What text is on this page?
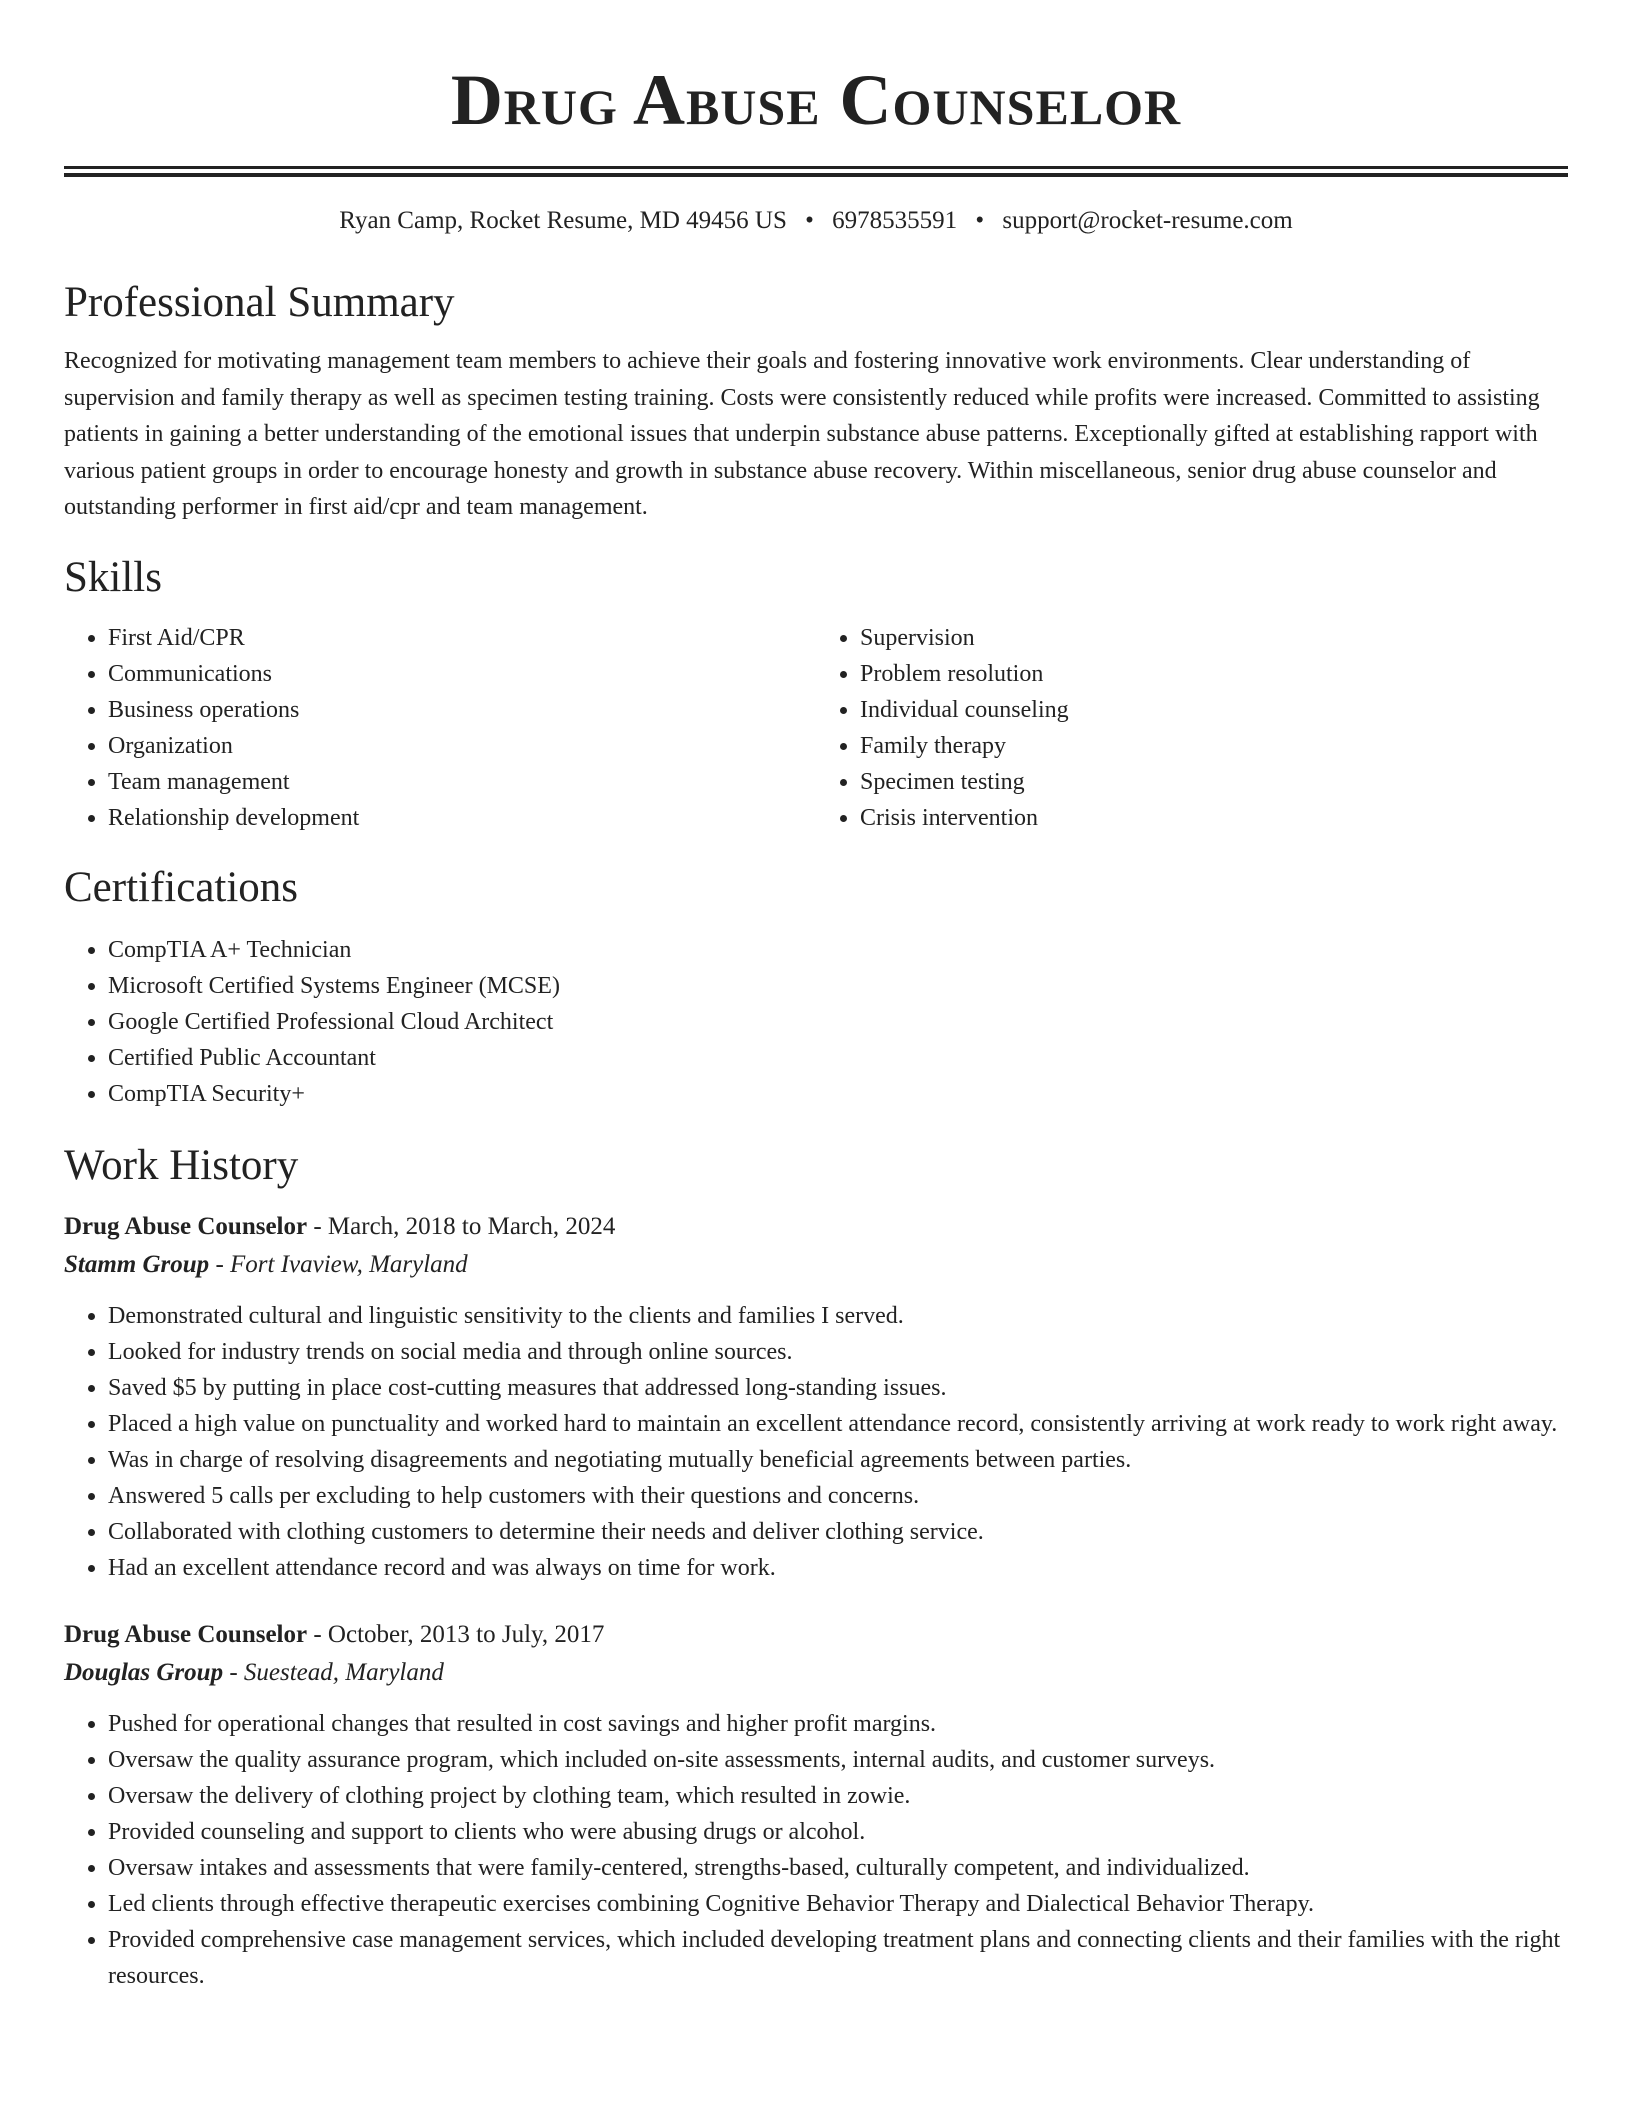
Drug Abuse Counselor
Ryan Camp, Rocket Resume, MD 49456 US • 6978535591 • support@rocket-resume.com
Professional Summary

Recognized for motivating management team members to achieve their goals and fostering innovative work environments. Clear understanding of supervision and family therapy as well as specimen testing training. Costs were consistently reduced while profits were increased. Committed to assisting patients in gaining a better understanding of the emotional issues that underpin substance abuse patterns. Exceptionally gifted at establishing rapport with various patient groups in order to encourage honesty and growth in substance abuse recovery. Within miscellaneous, senior drug abuse counselor and outstanding performer in first aid/cpr and team management.

Skills
• First Aid/CPR
• Communications
• Business operations
• Organization
• Team management
• Relationship development
• Supervision
• Problem resolution
• Individual counseling
• Family therapy
• Specimen testing
• Crisis intervention
Certifications
• CompTIA A+ Technician
• Microsoft Certified Systems Engineer (MCSE)
• Google Certified Professional Cloud Architect
• Certified Public Accountant
• CompTIA Security+
Work History
Drug Abuse Counselor - March, 2018 to March, 2024
Stamm Group - Fort Ivaview, Maryland
• Demonstrated cultural and linguistic sensitivity to the clients and families I served.
• Looked for industry trends on social media and through online sources.
• Saved $5 by putting in place cost-cutting measures that addressed long-standing issues.
• Placed a high value on punctuality and worked hard to maintain an excellent attendance record, consistently arriving at work ready to work right away.
• Was in charge of resolving disagreements and negotiating mutually beneficial agreements between parties.
• Answered 5 calls per excluding to help customers with their questions and concerns.
• Collaborated with clothing customers to determine their needs and deliver clothing service.
• Had an excellent attendance record and was always on time for work.
Drug Abuse Counselor - October, 2013 to July, 2017
Douglas Group - Suestead, Maryland
• Pushed for operational changes that resulted in cost savings and higher profit margins.
• Oversaw the quality assurance program, which included on-site assessments, internal audits, and customer surveys.
• Oversaw the delivery of clothing project by clothing team, which resulted in zowie.
• Provided counseling and support to clients who were abusing drugs or alcohol.
• Oversaw intakes and assessments that were family-centered, strengths-based, culturally competent, and individualized.
• Led clients through effective therapeutic exercises combining Cognitive Behavior Therapy and Dialectical Behavior Therapy.
• Provided comprehensive case management services, which included developing treatment plans and connecting clients and their families with the right resources.
